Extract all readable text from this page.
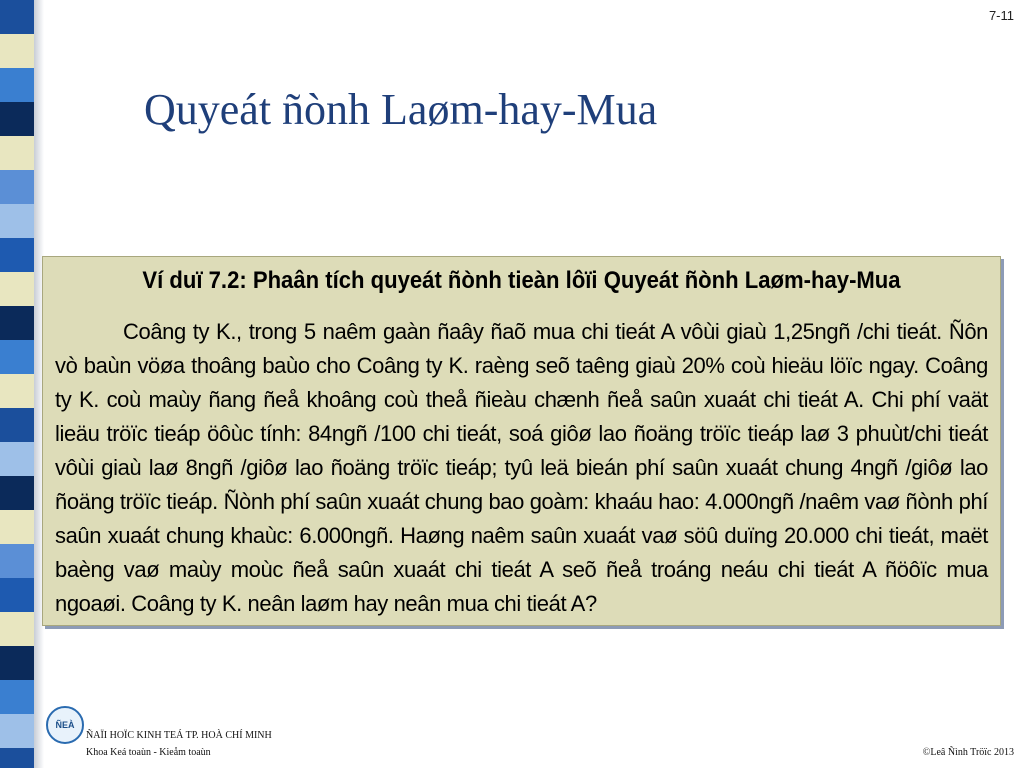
7-11
Quyeát ñònh Laøm-hay-Mua
Ví duï 7.2: Phaân tích quyeát ñònh tieàn lôïi Quyeát ñònh Laøm-hay-Mua
Coâng ty K., trong 5 naêm gaàn ñaây ñaõ mua chi tieát A vôùi giaù 1,25ngñ /chi tieát. Ñôn vò baùn vöøa thoâng baùo cho Coâng ty K. raèng seõ taêng giaù 20% coù hieäu löïc ngay. Coâng ty K. coù maùy ñang ñeå khoâng coù theå ñieàu chænh ñeå saûn xuaát chi tieát A. Chi phí vaät lieäu tröïc tieáp öôùc tính: 84ngñ /100 chi tieát, soá giôø lao ñoäng tröïc tieáp laø 3 phuùt/chi tieát vôùi giaù laø 8ngñ /giôø lao ñoäng tröïc tieáp; tyû leä bieán phí saûn xuaát chung 4ngñ /giôø lao ñoäng tröïc tieáp. Ñònh phí saûn xuaát chung bao goàm: khaáu hao: 4.000ngñ /naêm vaø ñònh phí saûn xuaát chung khaùc: 6.000ngñ. Haøng naêm saûn xuaát vaø söû duïng 20.000 chi tieát, maët baèng vaø maùy moùc ñeå saûn xuaát chi tieát A seõ ñeå troáng neáu chi tieát A ñöôïc mua ngoaøi. Coâng ty K. neân laøm hay neân mua chi tieát A?
ÑEÀ
ÑAÏI HOÏC KINH TEÁ TP. HOÀ CHÍ MINH
Khoa Keá toaùn - Kieåm toaùn	©Leâ Ñình Tröïc 2013
